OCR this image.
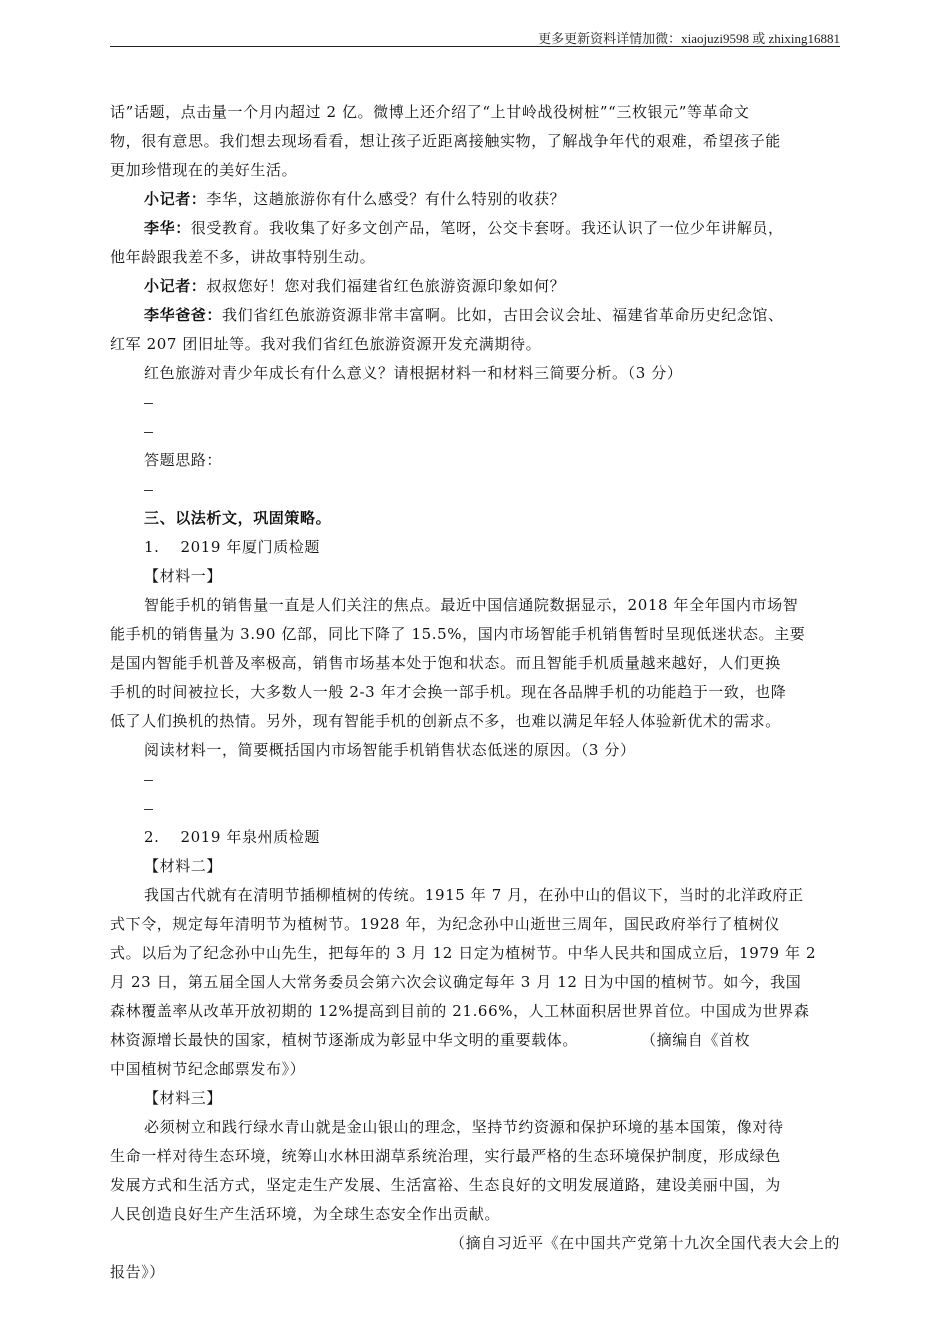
更多更新资料详情加微：xiaojuzi9598 或 zhixing16881
话”话题，点击量一个月内超过 2 亿。微博上还介绍了“上甘岭战役树桩”“三枚银元”等革命文
物，很有意思。我们想去现场看看，想让孩子近距离接触实物，了解战争年代的艰难，希望孩子能
更加珍惜现在的美好生活。
小记者：李华，这趟旅游你有什么感受？有什么特别的收获？
李华：很受教育。我收集了好多文创产品，笔呀，公交卡套呀。我还认识了一位少年讲解员，
他年龄跟我差不多，讲故事特别生动。
小记者：叔叔您好！您对我们福建省红色旅游资源印象如何？
李华爸爸：我们省红色旅游资源非常丰富啊。比如，古田会议会址、福建省革命历史纪念馆、
红军 207 团旧址等。我对我们省红色旅游资源开发充满期待。
红色旅游对青少年成长有什么意义？请根据材料一和材料三简要分析。（3 分）
答题思路：
三、以法析文，巩固策略。
1.　 2019 年厦门质检题
【材料一】
智能手机的销售量一直是人们关注的焦点。最近中国信通院数据显示，2018 年全年国内市场智
能手机的销售量为 3.90 亿部，同比下降了 15.5%，国内市场智能手机销售暂时呈现低迷状态。主要
是国内智能手机普及率极高，销售市场基本处于饱和状态。而且智能手机质量越来越好，人们更换
手机的时间被拉长，大多数人一般 2-3 年才会换一部手机。现在各品牌手机的功能趋于一致，也降
低了人们换机的热情。另外，现有智能手机的创新点不多，也难以满足年轻人体验新优术的需求。
阅读材料一，简要概括国内市场智能手机销售状态低迷的原因。（3 分）
2.　 2019 年泉州质检题
【材料二】
我国古代就有在清明节插柳植树的传统。1915 年 7 月，在孙中山的倡议下，当时的北洋政府正
式下令，规定每年清明节为植树节。1928 年，为纪念孙中山逝世三周年，国民政府举行了植树仪
式。以后为了纪念孙中山先生，把每年的 3 月 12 日定为植树节。中华人民共和国成立后，1979 年 2
月 23 日，第五届全国人大常务委员会第六次会议确定每年 3 月 12 日为中国的植树节。如今，我国
森林覆盖率从改革开放初期的 12%提高到目前的 21.66%，人工林面积居世界首位。中国成为世界森
林资源增长最快的国家，植树节逐渐成为彰显中华文明的重要载体。　　　　　（摘编自《首枚
中国植树节纪念邮票发布》）
【材料三】
必须树立和践行绿水青山就是金山银山的理念，坚持节约资源和保护环境的基本国策，像对待
生命一样对待生态环境，统筹山水林田湖草系统治理，实行最严格的生态环境保护制度，形成绿色
发展方式和生活方式，坚定走生产发展、生活富裕、生态良好的文明发展道路，建设美丽中国，为
人民创造良好生产生活环境，为全球生态安全作出贡献。
（摘自习近平《在中国共产党第十九次全国代表大会上的
报告》）
